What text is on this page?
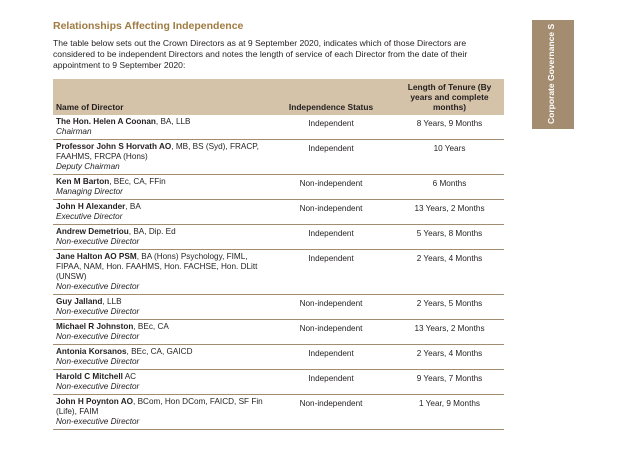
Relationships Affecting Independence
The table below sets out the Crown Directors as at 9 September 2020, indicates which of those Directors are considered to be independent Directors and notes the length of service of each Director from the date of their appointment to 9 September 2020:	Corporate Governance S
Name of Director	Independence Status	Length of Tenure (By years and complete months)
The Hon. Helen A Coonan, BA, LLB
Chairman	Independent	8 Years, 9 Months
Professor John S Horvath AO, MB, BS (Syd), FRACP, FAAHMS, FRCPA (Hons)
Deputy Chairman	Independent	10 Years
Ken M Barton, BEc, CA, FFin
Managing Director	Non-independent	6 Months
John H Alexander, BA
Executive Director	Non-independent	13 Years, 2 Months
Andrew Demetriou, BA, Dip. Ed
Non-executive Director	Independent	5 Years, 8 Months
Jane Halton AO PSM, BA (Hons) Psychology, FIML, FIPAA, NAM, Hon. FAAHMS, Hon. FACHSE, Hon. DLitt (UNSW)
Non-executive Director	Independent	2 Years, 4 Months
Guy Jalland, LLB
Non-executive Director	Non-independent	2 Years, 5 Months
Michael R Johnston, BEc, CA
Non-executive Director	Non-independent	13 Years, 2 Months
Antonia Korsanos, BEc, CA, GAICD
Non-executive Director	Independent	2 Years, 4 Months
Harold C Mitchell AC
Non-executive Director	Independent	9 Years, 7 Months
John H Poynton AO, BCom, Hon DCom, FAICD, SF Fin (Life), FAIM
Non-executive Director	Non-independent	1 Year, 9 Months
